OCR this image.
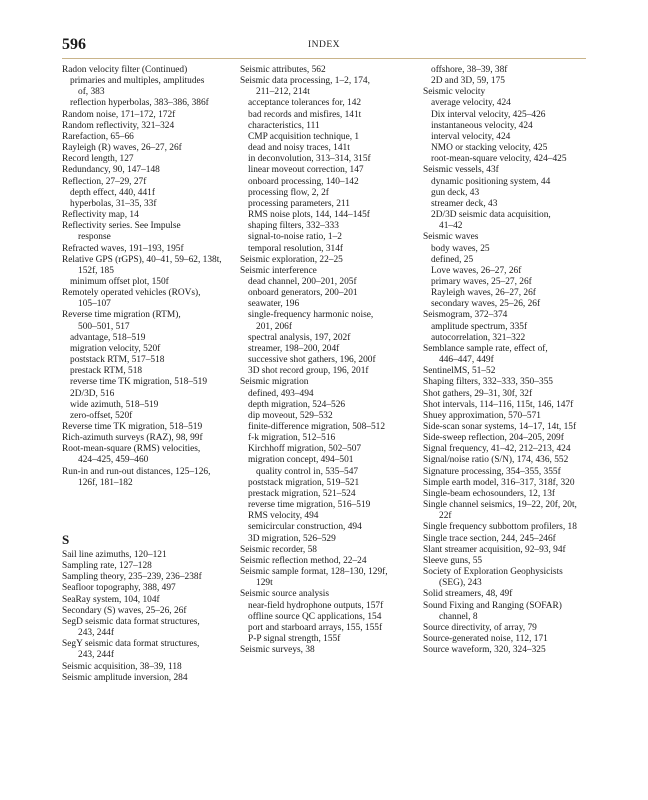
596	INDEX
Radon velocity filter (Continued)
primaries and multiples, amplitudes
of, 383
reflection hyperbolas, 383–386, 386f
Random noise, 171–172, 172f
Random reflectivity, 321–324
Rarefaction, 65–66
Rayleigh (R) waves, 26–27, 26f
Record length, 127
Redundancy, 90, 147–148
Reflection, 27–29, 27f
depth effect, 440, 441f
hyperbolas, 31–35, 33f
Reflectivity map, 14
Reflectivity series. See Impulse
response
Refracted waves, 191–193, 195f
Relative GPS (rGPS), 40–41, 59–62, 138t,
152f, 185
minimum offset plot, 150f
Remotely operated vehicles (ROVs),
105–107
Reverse time migration (RTM),
500–501, 517
advantage, 518–519
migration velocity, 520f
poststack RTM, 517–518
prestack RTM, 518
reverse time TK migration, 518–519
2D/3D, 516
wide azimuth, 518–519
zero-offset, 520f
Reverse time TK migration, 518–519
Rich-azimuth surveys (RAZ), 98, 99f
Root-mean-square (RMS) velocities,
424–425, 459–460
Run-in and run-out distances, 125–126,
126f, 181–182
S
Sail line azimuths, 120–121
Sampling rate, 127–128
Sampling theory, 235–239, 236–238f
Seafloor topography, 388, 497
SeaRay system, 104, 104f
Secondary (S) waves, 25–26, 26f
SegD seismic data format structures,
243, 244f
SegY seismic data format structures,
243, 244f
Seismic acquisition, 38–39, 118
Seismic amplitude inversion, 284
Seismic attributes, 562
Seismic data processing, 1–2, 174,
211–212, 214t
acceptance tolerances for, 142
bad records and misfires, 141t
characteristics, 111
CMP acquisition technique, 1
dead and noisy traces, 141t
in deconvolution, 313–314, 315f
linear moveout correction, 147
onboard processing, 140–142
processing flow, 2, 2f
processing parameters, 211
RMS noise plots, 144, 144–145f
shaping filters, 332–333
signal-to-noise ratio, 1–2
temporal resolution, 314f
Seismic exploration, 22–25
Seismic interference
dead channel, 200–201, 205f
onboard generators, 200–201
seawater, 196
single-frequency harmonic noise,
201, 206f
spectral analysis, 197, 202f
streamer, 198–200, 204f
successive shot gathers, 196, 200f
3D shot record group, 196, 201f
Seismic migration
defined, 493–494
depth migration, 524–526
dip moveout, 529–532
finite-difference migration, 508–512
f-k migration, 512–516
Kirchhoff migration, 502–507
migration concept, 494–501
quality control in, 535–547
poststack migration, 519–521
prestack migration, 521–524
reverse time migration, 516–519
RMS velocity, 494
semicircular construction, 494
3D migration, 526–529
Seismic recorder, 58
Seismic reflection method, 22–24
Seismic sample format, 128–130, 129f,
129t
Seismic source analysis
near-field hydrophone outputs, 157f
offline source QC applications, 154
port and starboard arrays, 155, 155f
P-P signal strength, 155f
Seismic surveys, 38
offshore, 38–39, 38f
2D and 3D, 59, 175
Seismic velocity
average velocity, 424
Dix interval velocity, 425–426
instantaneous velocity, 424
interval velocity, 424
NMO or stacking velocity, 425
root-mean-square velocity, 424–425
Seismic vessels, 43f
dynamic positioning system, 44
gun deck, 43
streamer deck, 43
2D/3D seismic data acquisition,
41–42
Seismic waves
body waves, 25
defined, 25
Love waves, 26–27, 26f
primary waves, 25–27, 26f
Rayleigh waves, 26–27, 26f
secondary waves, 25–26, 26f
Seismogram, 372–374
amplitude spectrum, 335f
autocorrelation, 321–322
Semblance sample rate, effect of,
446–447, 449f
SentinelMS, 51–52
Shaping filters, 332–333, 350–355
Shot gathers, 29–31, 30f, 32f
Shot intervals, 114–116, 115t, 146, 147f
Shuey approximation, 570–571
Side-scan sonar systems, 14–17, 14t, 15f
Side-sweep reflection, 204–205, 209f
Signal frequency, 41–42, 212–213, 424
Signal/noise ratio (S/N), 174, 436, 552
Signature processing, 354–355, 355f
Simple earth model, 316–317, 318f, 320
Single-beam echosounders, 12, 13f
Single channel seismics, 19–22, 20f, 20t,
22f
Single frequency subbottom profilers, 18
Single trace section, 244, 245–246f
Slant streamer acquisition, 92–93, 94f
Sleeve guns, 55
Society of Exploration Geophysicists
(SEG), 243
Solid streamers, 48, 49f
Sound Fixing and Ranging (SOFAR)
channel, 8
Source directivity, of array, 79
Source-generated noise, 112, 171
Source waveform, 320, 324–325
